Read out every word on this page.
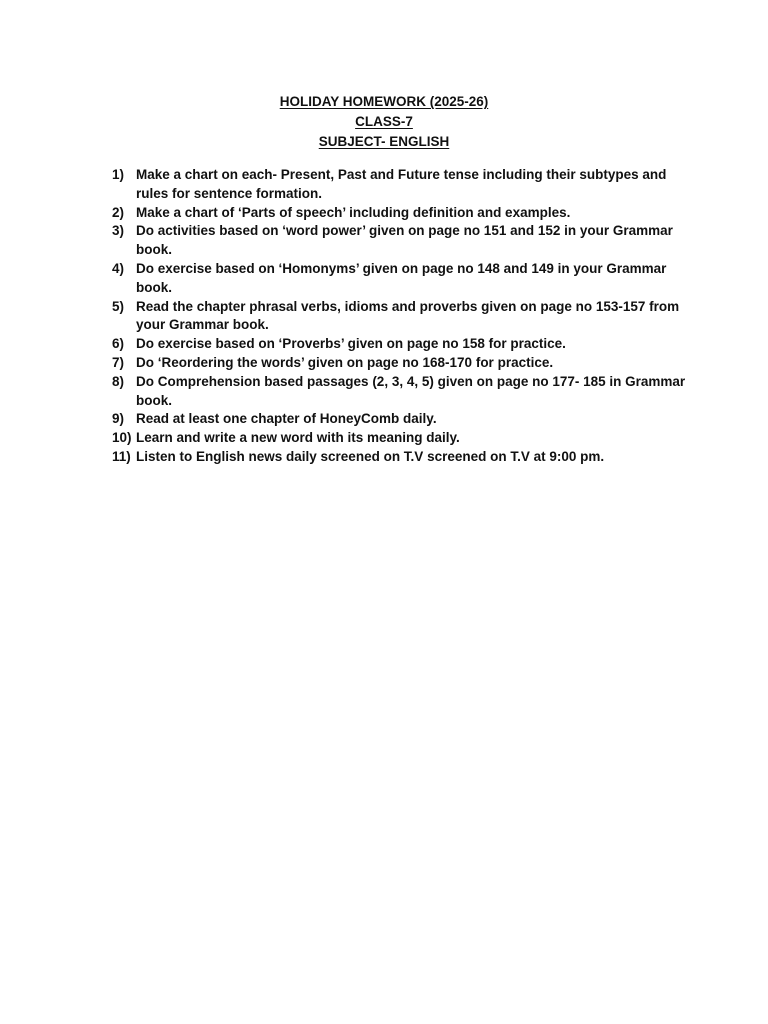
HOLIDAY HOMEWORK (2025-26)
CLASS-7
SUBJECT- ENGLISH
1) Make a chart on each- Present, Past and Future tense including their subtypes and rules for sentence formation.
2) Make a chart of ‘Parts of speech’ including definition and examples.
3) Do activities based on ‘word power’ given on page no 151 and 152 in your Grammar book.
4) Do exercise based on ‘Homonyms’ given on page no 148 and 149 in your Grammar book.
5) Read the chapter phrasal verbs, idioms and proverbs given on page no 153-157 from your Grammar book.
6) Do exercise based on ‘Proverbs’ given on page no 158 for practice.
7) Do ‘Reordering the words’ given on page no 168-170 for practice.
8) Do Comprehension based passages (2, 3, 4, 5) given on page no 177- 185 in Grammar book.
9) Read at least one chapter of HoneyComb daily.
10) Learn and write a new word with its meaning daily.
11) Listen to English news daily screened on T.V screened on T.V at 9:00 pm.
